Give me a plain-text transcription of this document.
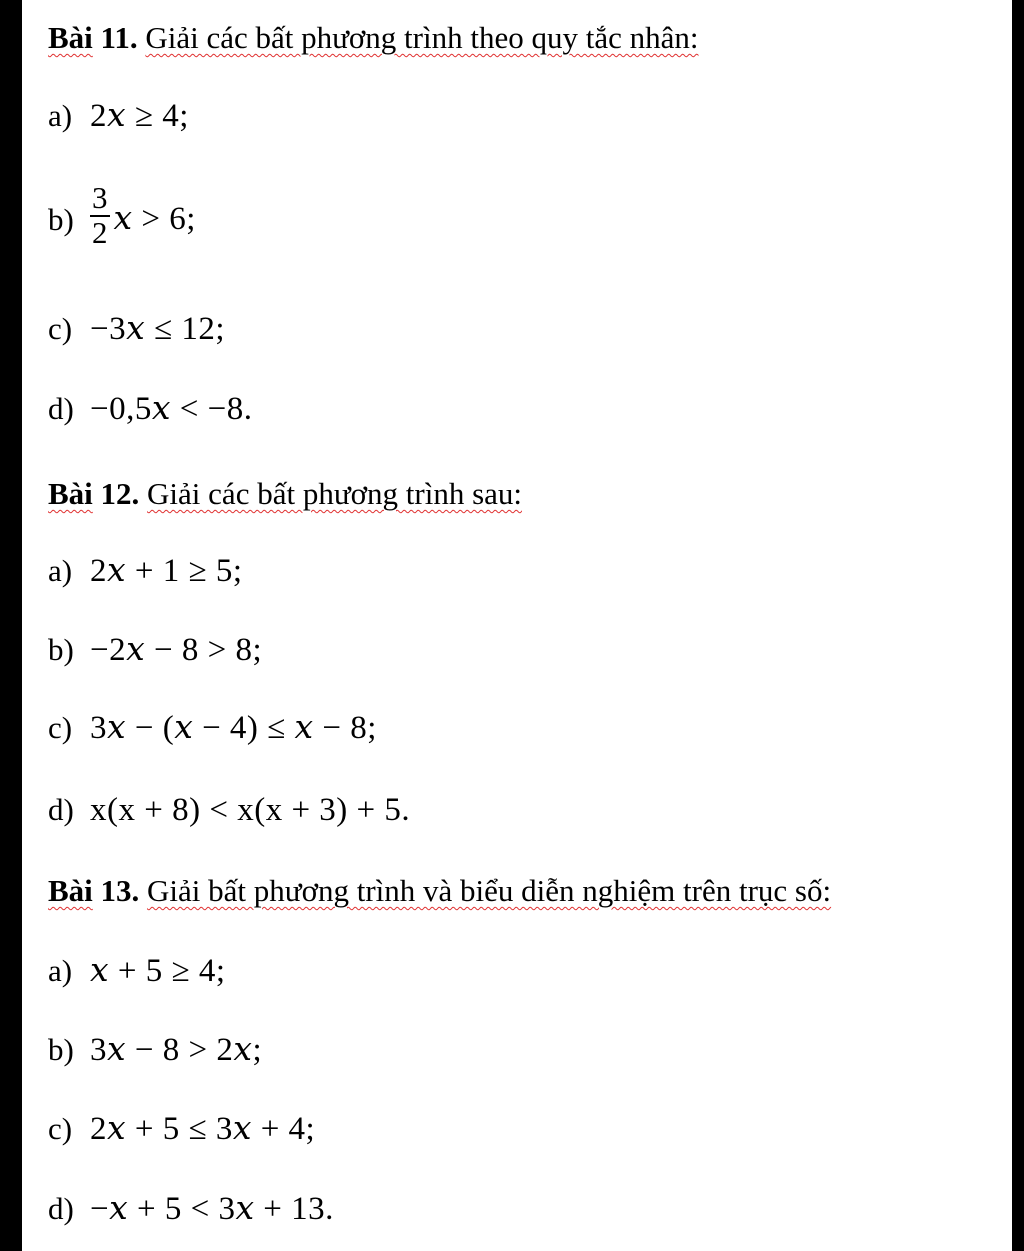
Bài 11. Giải các bất phương trình theo quy tắc nhân:
a) 2𝑥 ≥ 4;
$b) \frac{3}{2}$ 𝑥 > 6;
c) −3𝑥 ≤ 12;
d) −0,5𝑥 < −8.
Bài 12. Giải các bất phương trình sau:
a) 2𝑥 + 1 ≥ 5;
b) −2𝑥 − 8 > 8;
c) 3𝑥 − (𝑥 − 4) ≤ 𝑥 − 8;
d) x(x + 8) < x(x + 3) + 5.
Bài 13. Giải bất phương trình và biểu diễn nghiệm trên trục số:
a) 𝑥 + 5 ≥ 4;
b) 3𝑥 − 8 > 2𝑥;
c) 2𝑥 + 5 ≤ 3𝑥 + 4;
d) −𝑥 + 5 < 3𝑥 + 13.
